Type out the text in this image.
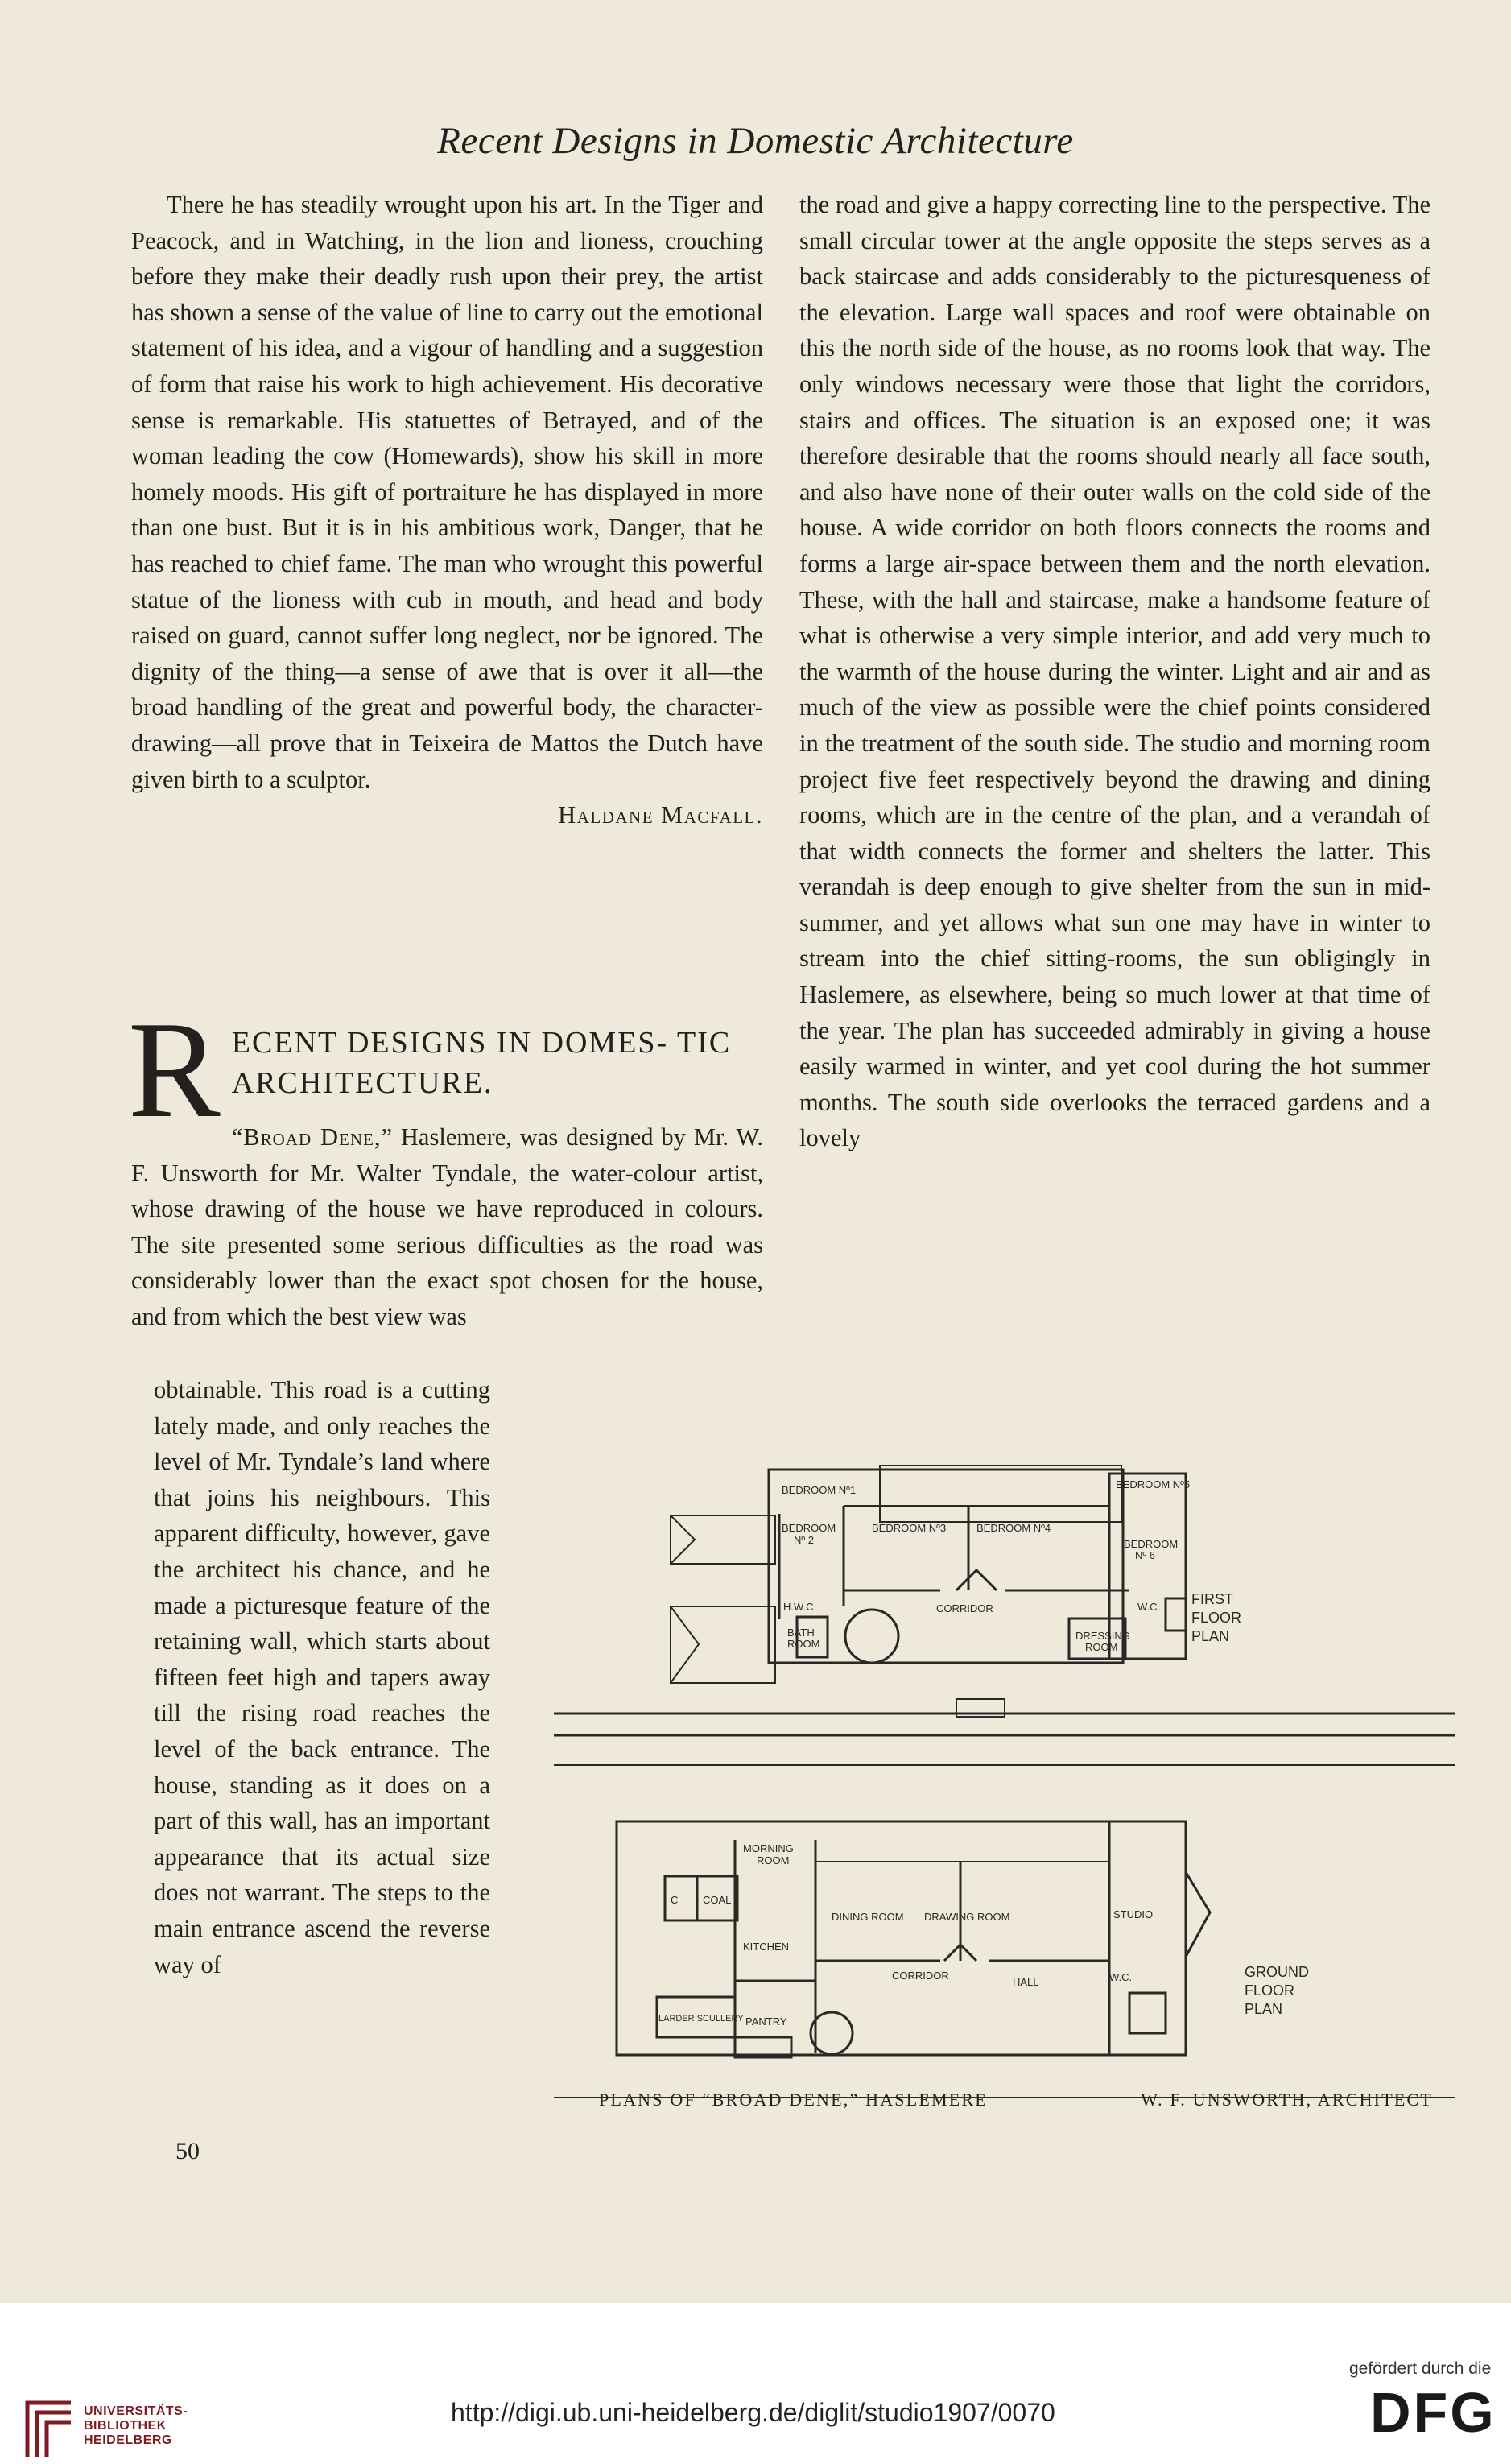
Recent Designs in Domestic Architecture

There he has steadily wrought upon his art. In the Tiger and Peacock, and in Watching, in the lion and lioness, crouching before they make their deadly rush upon their prey, the artist has shown a sense of the value of line to carry out the emotional statement of his idea, and a vigour of handling and a suggestion of form that raise his work to high achievement. His decorative sense is remarkable. His statuettes of Betrayed, and of the woman leading the cow (Homewards), show his skill in more homely moods. His gift of portraiture he has displayed in more than one bust. But it is in his ambitious work, Danger, that he has reached to chief fame. The man who wrought this powerful statue of the lioness with cub in mouth, and head and body raised on guard, cannot suffer long neglect, nor be ignored. The dignity of the thing—a sense of awe that is over it all—the broad handling of the great and powerful body, the character-drawing—all prove that in Teixeira de Mattos the Dutch have given birth to a sculptor.

Haldane Macfall.

R ECENT DESIGNS IN DOMES- TIC ARCHITECTURE.

“Broad Dene,” Haslemere, was designed by Mr. W. F. Unsworth for Mr. Walter Tyndale, the water-colour artist, whose drawing of the house we have reproduced in colours. The site presented some serious difficulties as the road was considerably lower than the exact spot chosen for the house, and from which the best view was

obtainable. This road is a cutting lately made, and only reaches the level of Mr. Tyndale’s land where that joins his neighbours. This apparent difficulty, however, gave the architect his chance, and he made a picturesque feature of the retaining wall, which starts about fifteen feet high and tapers away till the rising road reaches the level of the back entrance. The house, standing as it does on a part of this wall, has an important appearance that its actual size does not warrant. The steps to the main entrance ascend the reverse way of

the road and give a happy correcting line to the perspective. The small circular tower at the angle opposite the steps serves as a back staircase and adds considerably to the picturesqueness of the elevation. Large wall spaces and roof were obtainable on this the north side of the house, as no rooms look that way. The only windows necessary were those that light the corridors, stairs and offices. The situation is an exposed one; it was therefore desirable that the rooms should nearly all face south, and also have none of their outer walls on the cold side of the house. A wide corridor on both floors connects the rooms and forms a large air-space between them and the north elevation. These, with the hall and staircase, make a handsome feature of what is otherwise a very simple interior, and add very much to the warmth of the house during the winter. Light and air and as much of the view as possible were the chief points considered in the treatment of the south side. The studio and morning room project five feet respectively beyond the drawing and dining rooms, which are in the centre of the plan, and a verandah of that width connects the former and shelters the latter. This verandah is deep enough to give shelter from the sun in mid-summer, and yet allows what sun one may have in winter to stream into the chief sitting-rooms, the sun obligingly in Haslemere, as elsewhere, being so much lower at that time of the year. The plan has succeeded admirably in giving a house easily warmed in winter, and yet cool during the hot summer months. The south side overlooks the terraced gardens and a lovely

BEDROOM Nº1
BEDROOM
Nº 2
BEDROOM Nº3	BEDROOM Nº4
BEDROOM Nº5
BEDROOM
Nº 6
CORRIDOR	W.C.
H.W.C.
BATH
ROOM
DRESSING
ROOM
FIRST
FLOOR
PLAN
MORNING
ROOM
DINING ROOM DRAWING ROOM	STUDIO
KITCHEN
CORRIDOR
HALL	W.C.
PANTRY
LARDER SCULLERY
COAL
C
GROUND
FLOOR
PLAN
PLANS OF “BROAD DENE,” HASLEMERE	W. F. UNSWORTH, ARCHITECT
50
UNIVERSITÄTS-
BIBLIOTHEK
HEIDELBERG
http://digi.ub.uni-heidelberg.de/diglit/studio1907/0070
gefördert durch die
DFG
